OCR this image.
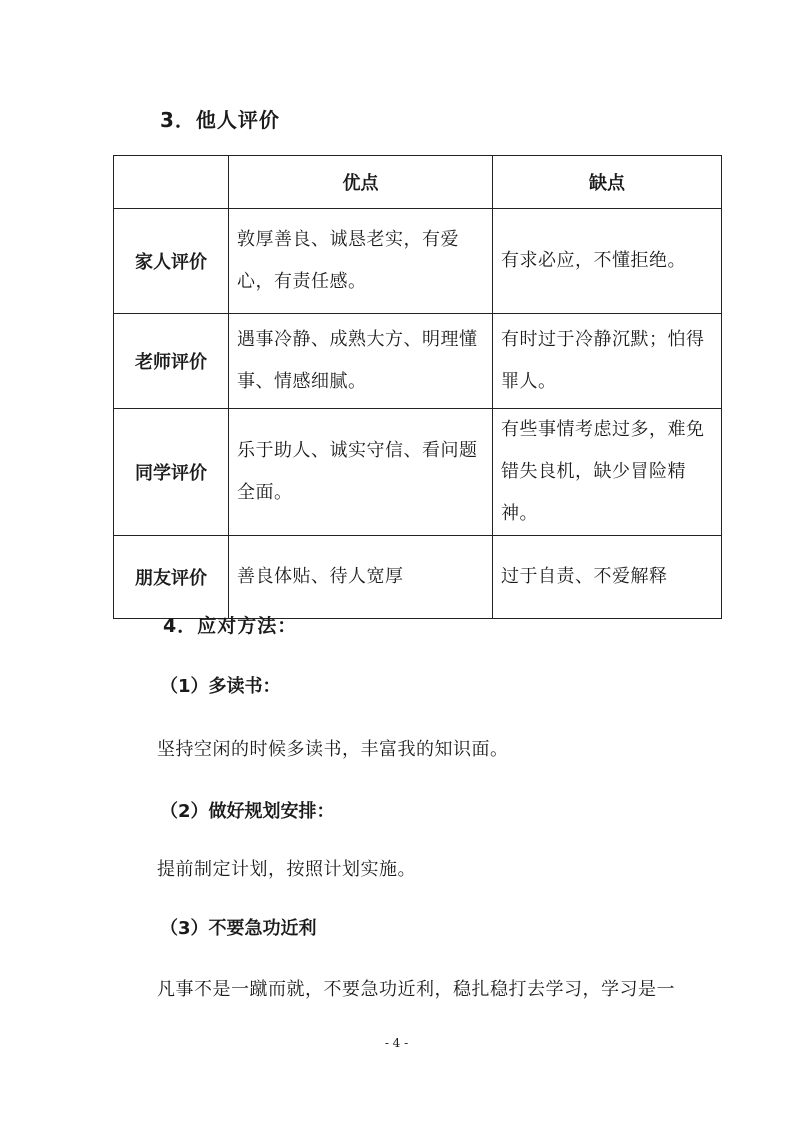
3．他人评价
	优点	缺点
家人评价	敦厚善良、诚恳老实，有爱心，有责任感。	有求必应，不懂拒绝。
老师评价	遇事冷静、成熟大方、明理懂事、情感细腻。	有时过于冷静沉默；怕得罪人。
同学评价	乐于助人、诚实守信、看问题全面。	有些事情考虑过多，难免错失良机，缺少冒险精神。
朋友评价	善良体贴、待人宽厚	过于自责、不爱解释
4．应对方法：
（1）多读书：
坚持空闲的时候多读书，丰富我的知识面。
（2）做好规划安排：
提前制定计划，按照计划实施。
（3）不要急功近利
凡事不是一蹴而就，不要急功近利，稳扎稳打去学习，学习是一
- 4 -
